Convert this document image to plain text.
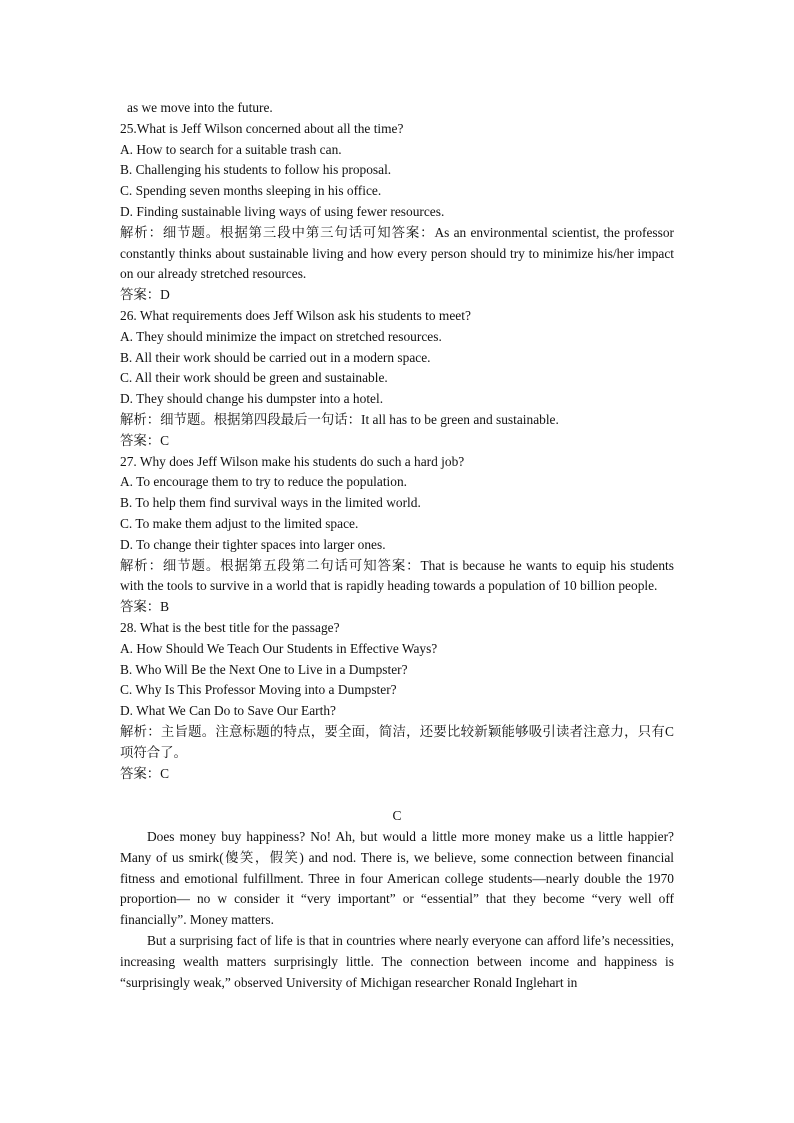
as we move into the future.
25.What is Jeff Wilson concerned about all the time?
A. How to search for a suitable trash can.
B. Challenging his students to follow his proposal.
C. Spending seven months sleeping in his office.
D. Finding sustainable living ways of using fewer resources.
解析：细节题。根据第三段中第三句话可知答案：As an environmental scientist, the professor constantly thinks about sustainable living and how every person should try to minimize his/her impact on our already stretched resources.
答案：D
26. What requirements does Jeff Wilson ask his students to meet?
A. They should minimize the impact on stretched resources.
B. All their work should be carried out in a modern space.
C. All their work should be green and sustainable.
D. They should change his dumpster into a hotel.
解析：细节题。根据第四段最后一句话：It all has to be green and sustainable.
答案：C
27. Why does Jeff Wilson make his students do such a hard job?
A. To encourage them to try to reduce the population.
B. To help them find survival ways in the limited world.
C. To make them adjust to the limited space.
D. To change their tighter spaces into larger ones.
解析：细节题。根据第五段第二句话可知答案：That is because he wants to equip his students with the tools to survive in a world that is rapidly heading towards a population of 10 billion people.
答案：B
28. What is the best title for the passage?
A. How Should We Teach Our Students in Effective Ways?
B. Who Will Be the Next One to Live in a Dumpster?
C. Why Is This Professor Moving into a Dumpster?
D. What We Can Do to Save Our Earth?
解析：主旨题。注意标题的特点，要全面，简洁，还要比较新颖能够吸引读者注意力，只有C 项符合了。
答案：C
C
Does money buy happiness? No! Ah, but would a little more money make us a little happier? Many of us smirk(傻笑，假笑) and nod. There is, we believe, some connection between financial fitness and emotional fulfillment. Three in four American college students—nearly double the 1970 proportion— no w consider it “very important” or “essential” that they become “very well off financially”. Money matters.
But a surprising fact of life is that in countries where nearly everyone can afford life’s necessities, increasing wealth matters surprisingly little. The connection between income and happiness is “surprisingly weak,” observed University of Michigan researcher Ronald Inglehart in
